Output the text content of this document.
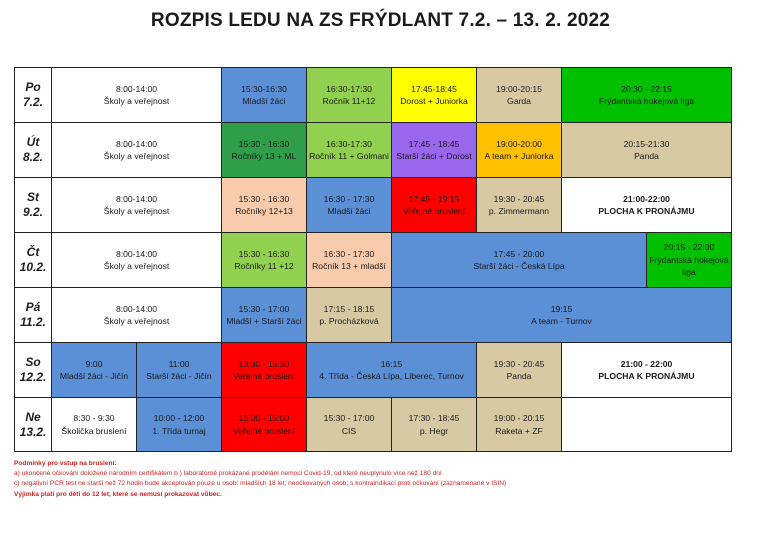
ROZPIS LEDU NA ZS FRÝDLANT 7.2. – 13. 2. 2022
Po
7.2.
8:00-14:00
Školy a veřejnost
15:30-16:30
Mladší žáci
16:30-17:30
Ročník 11+12
17:45-18:45
Dorost + Juniorka
19:00-20:15
Garda
20:30 - 22:15
Frýdantská hokejová liga
Út
8.2.
8:00-14:00
Školy a veřejnost
15:30 - 16:30
Ročníky 13 + ML
16:30-17:30
Ročník 11 + Golmani
17:45 - 18:45
Starší žáci + Dorost
19:00-20:00
A team + Juniorka
20:15-21:30
Panda
St
9.2.
8:00-14:00
Školy a veřejnost
15:30 - 16:30
Ročníky 12+13
16:30 - 17:30
Mladší žáci
17:45 - 19:15
Veřejné bruslení
19:30 - 20:45
p. Zimmermann
21:00-22:00
PLOCHA K PRONÁJMU
Čt
10.2.
8:00-14:00
Školy a veřejnost
15:30 - 16:30
Ročníky 11 +12
16:30 - 17:30
Ročník 13 + mladší
17:45 - 20:00
Starší žáci - Česká Lípa
20:15 - 22:00
Frýdantská hokejová liga
Pá
11.2.
8:00-14:00
Školy a veřejnost
15:30 - 17:00
Mladší + Starší žáci
17:15 - 18:15
p. Procházková
19:15
A team - Turnov
So
12.2.
9:00
Mladší žáci - Jičín
11:00
Starší žáci - Jičín
13:30 - 15:30
Veřejné bruslení
16:15
4. Třída - Česká Lípa, Liberec, Turnov
19:30 - 20:45
Panda
21:00 - 22:00
PLOCHA K PRONÁJMU
Ne
13.2.
8:30 - 9:30
Školička bruslení
10:00 - 12:00
1. Třída turnaj
13:00 - 15:00
Veřejné bruslení
15:30 - 17:00
CIS
17:30 - 18:45
p. Hegr
19:00 - 20:15
Raketa + ZF
Podmínky pro vstup na bruslení:
a) ukončené očkování doložené národním certifikátem b ) laboratorně prokázané prodělání nemoci Covid-19, od které neuplynulo více než 180 dní
c) negativní PCR test ne starší než 72 hodin bude akceptován pouze u osob: mladších 18 let; neočkovaných osob; s kontraindikací proti očkování (zaznamenané v ISIN)
Výjimka platí pro děti do 12 let, které se nemusí prokazovat vůbec.
